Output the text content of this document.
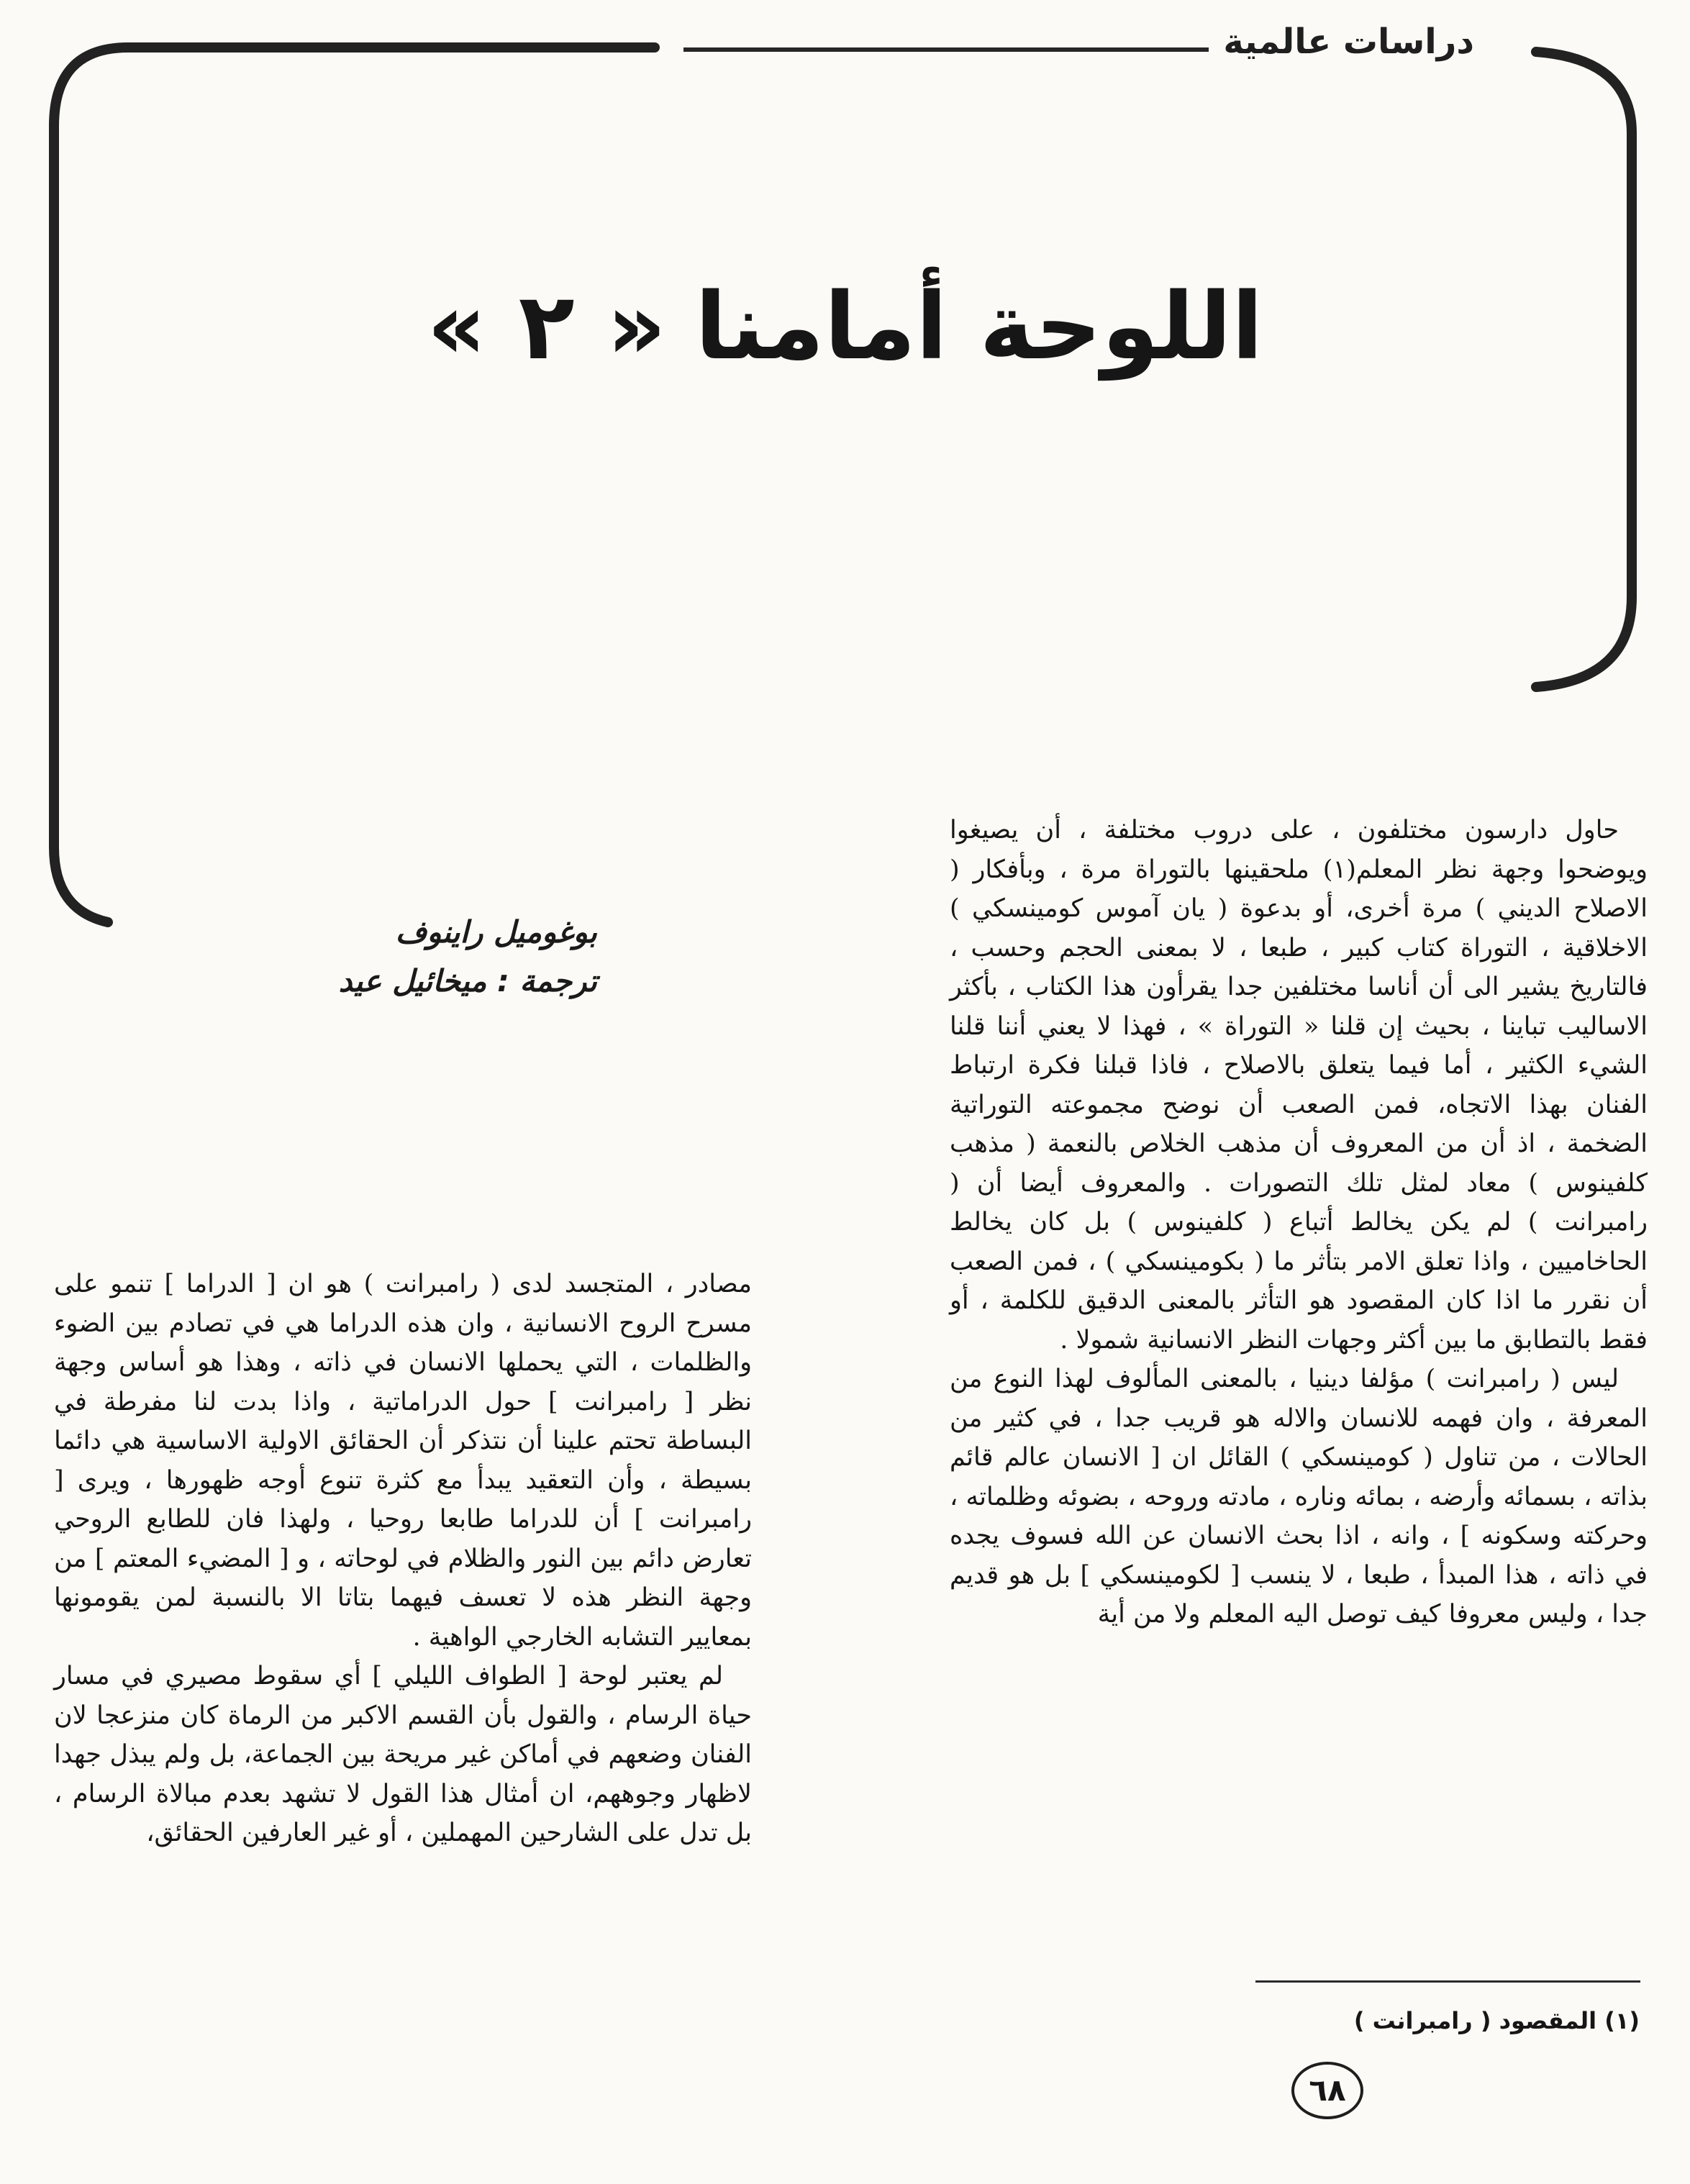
دراسات عالمية
اللوحة أمامنا« ٢ »
بوغوميل راينوف
ترجمة : ميخائيل عيد

حاول دارسون مختلفون ، على دروب مختلفة ، أن يصيغوا ويوضحوا وجهة نظر المعلم(١) ملحقينها بالتوراة مرة ، وبأفكار ( الاصلاح الديني ) مرة أخرى، أو بدعوة ( يان آموس كومينسكي ) الاخلاقية ، التوراة كتاب كبير ، طبعا ، لا بمعنى الحجم وحسب ، فالتاريخ يشير الى أن أناسا مختلفين جدا يقرأون هذا الكتاب ، بأكثر الاساليب تباينا ، بحيث إن قلنا « التوراة » ، فهذا لا يعني أننا قلنا الشيء الكثير ، أما فيما يتعلق بالاصلاح ، فاذا قبلنا فكرة ارتباط الفنان بهذا الاتجاه، فمن الصعب أن نوضح مجموعته التوراتية الضخمة ، اذ أن من المعروف أن مذهب الخلاص بالنعمة ( مذهب كلفينوس ) معاد لمثل تلك التصورات . والمعروف أيضا أن ( رامبرانت ) لم يكن يخالط أتباع ( كلفينوس ) بل كان يخالط الحاخاميين ، واذا تعلق الامر بتأثر ما ( بكومينسكي ) ، فمن الصعب أن نقرر ما اذا كان المقصود هو التأثر بالمعنى الدقيق للكلمة ، أو فقط بالتطابق ما بين أكثر وجهات النظر الانسانية شمولا .

ليس ( رامبرانت ) مؤلفا دينيا ، بالمعنى المألوف لهذا النوع من المعرفة ، وان فهمه للانسان والاله هو قريب جدا ، في كثير من الحالات ، من تناول ( كومينسكي ) القائل ان [ الانسان عالم قائم بذاته ، بسمائه وأرضه ، بمائه وناره ، مادته وروحه ، بضوئه وظلماته ، وحركته وسكونه ] ، وانه ، اذا بحث الانسان عن الله فسوف يجده في ذاته ، هذا المبدأ ، طبعا ، لا ينسب [ لكومينسكي ] بل هو قديم جدا ، وليس معروفا كيف توصل اليه المعلم ولا من أية

مصادر ، المتجسد لدى ( رامبرانت ) هو ان [ الدراما ] تنمو على مسرح الروح الانسانية ، وان هذه الدراما هي في تصادم بين الضوء والظلمات ، التي يحملها الانسان في ذاته ، وهذا هو أساس وجهة نظر [ رامبرانت ] حول الدراماتية ، واذا بدت لنا مفرطة في البساطة تحتم علينا أن نتذكر أن الحقائق الاولية الاساسية هي دائما بسيطة ، وأن التعقيد يبدأ مع كثرة تنوع أوجه ظهورها ، ويرى [ رامبرانت ] أن للدراما طابعا روحيا ، ولهذا فان للطابع الروحي تعارض دائم بين النور والظلام في لوحاته ، و [ المضيء المعتم ] من وجهة النظر هذه لا تعسف فيهما بتاتا الا بالنسبة لمن يقومونها بمعايير التشابه الخارجي الواهية .

لم يعتبر لوحة [ الطواف الليلي ] أي سقوط مصيري في مسار حياة الرسام ، والقول بأن القسم الاكبر من الرماة كان منزعجا لان الفنان وضعهم في أماكن غير مريحة بين الجماعة، بل ولم يبذل جهدا لاظهار وجوههم، ان أمثال هذا القول لا تشهد بعدم مبالاة الرسام ، بل تدل على الشارحين المهملين ، أو غير العارفين الحقائق،

(١) المقصود ( رامبرانت )
٦٨
